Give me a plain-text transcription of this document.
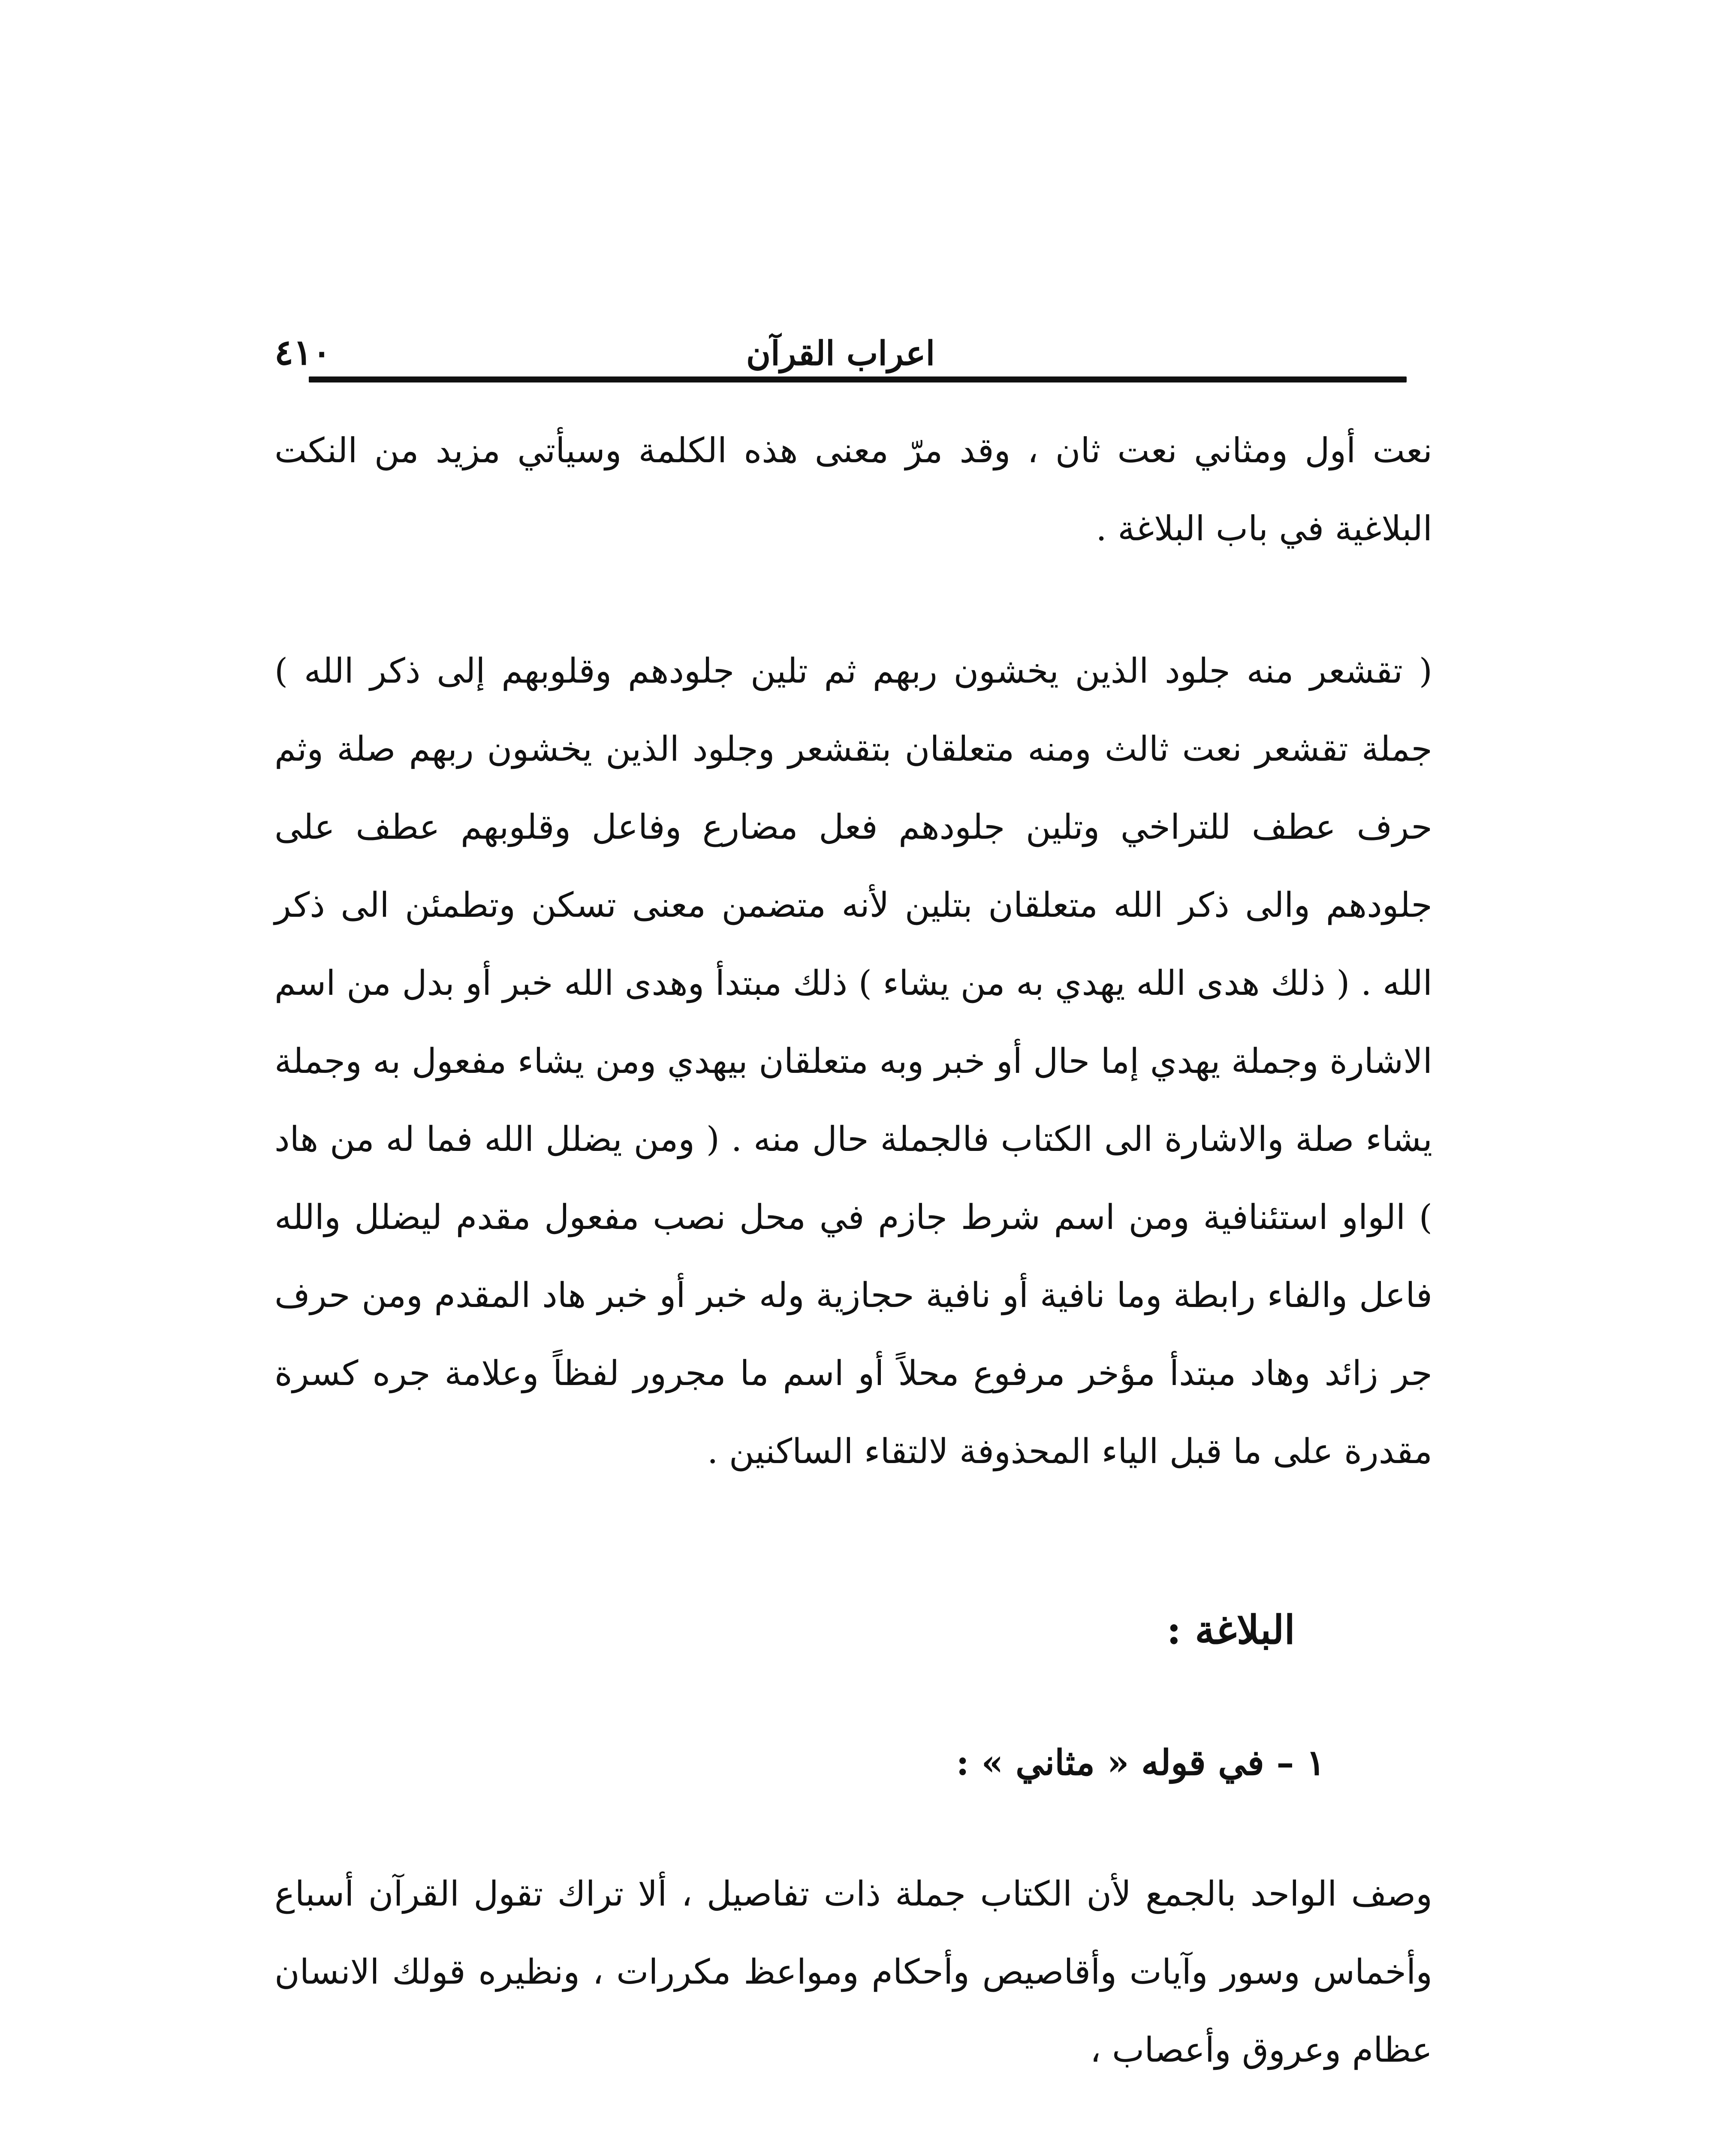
اعراب القرآن
٤١٠

نعت أول ومثاني نعت ثان ، وقد مرّ معنى هذه الكلمة وسيأتي مزيد من النكت البلاغية في باب البلاغة .

( تقشعر منه جلود الذين يخشون ربهم ثم تلين جلودهم وقلوبهم إلى ذكر الله ) جملة تقشعر نعت ثالث ومنه متعلقان بتقشعر وجلود الذين يخشون ربهم صلة وثم حرف عطف للتراخي وتلين جلودهم فعل مضارع وفاعل وقلوبهم عطف على جلودهم والى ذكر الله متعلقان بتلين لأنه متضمن معنى تسكن وتطمئن الى ذكر الله . ( ذلك هدى الله يهدي به من يشاء ) ذلك مبتدأ وهدى الله خبر أو بدل من اسم الاشارة وجملة يهدي إما حال أو خبر وبه متعلقان بيهدي ومن يشاء مفعول به وجملة يشاء صلة والاشارة الى الكتاب فالجملة حال منه . ( ومن يضلل الله فما له من هاد ) الواو استئنافية ومن اسم شرط جازم في محل نصب مفعول مقدم ليضلل والله فاعل والفاء رابطة وما نافية أو نافية حجازية وله خبر أو خبر هاد المقدم ومن حرف جر زائد وهاد مبتدأ مؤخر مرفوع محلاً أو اسم ما مجرور لفظاً وعلامة جره كسرة مقدرة على ما قبل الياء المحذوفة لالتقاء الساكنين .

البلاغة :
١ – في قوله « مثاني » :

وصف الواحد بالجمع لأن الكتاب جملة ذات تفاصيل ، ألا تراك تقول القرآن أسباع وأخماس وسور وآيات وأقاصيص وأحكام ومواعظ مكررات ، ونظيره قولك الانسان عظام وعروق وأعصاب ،
